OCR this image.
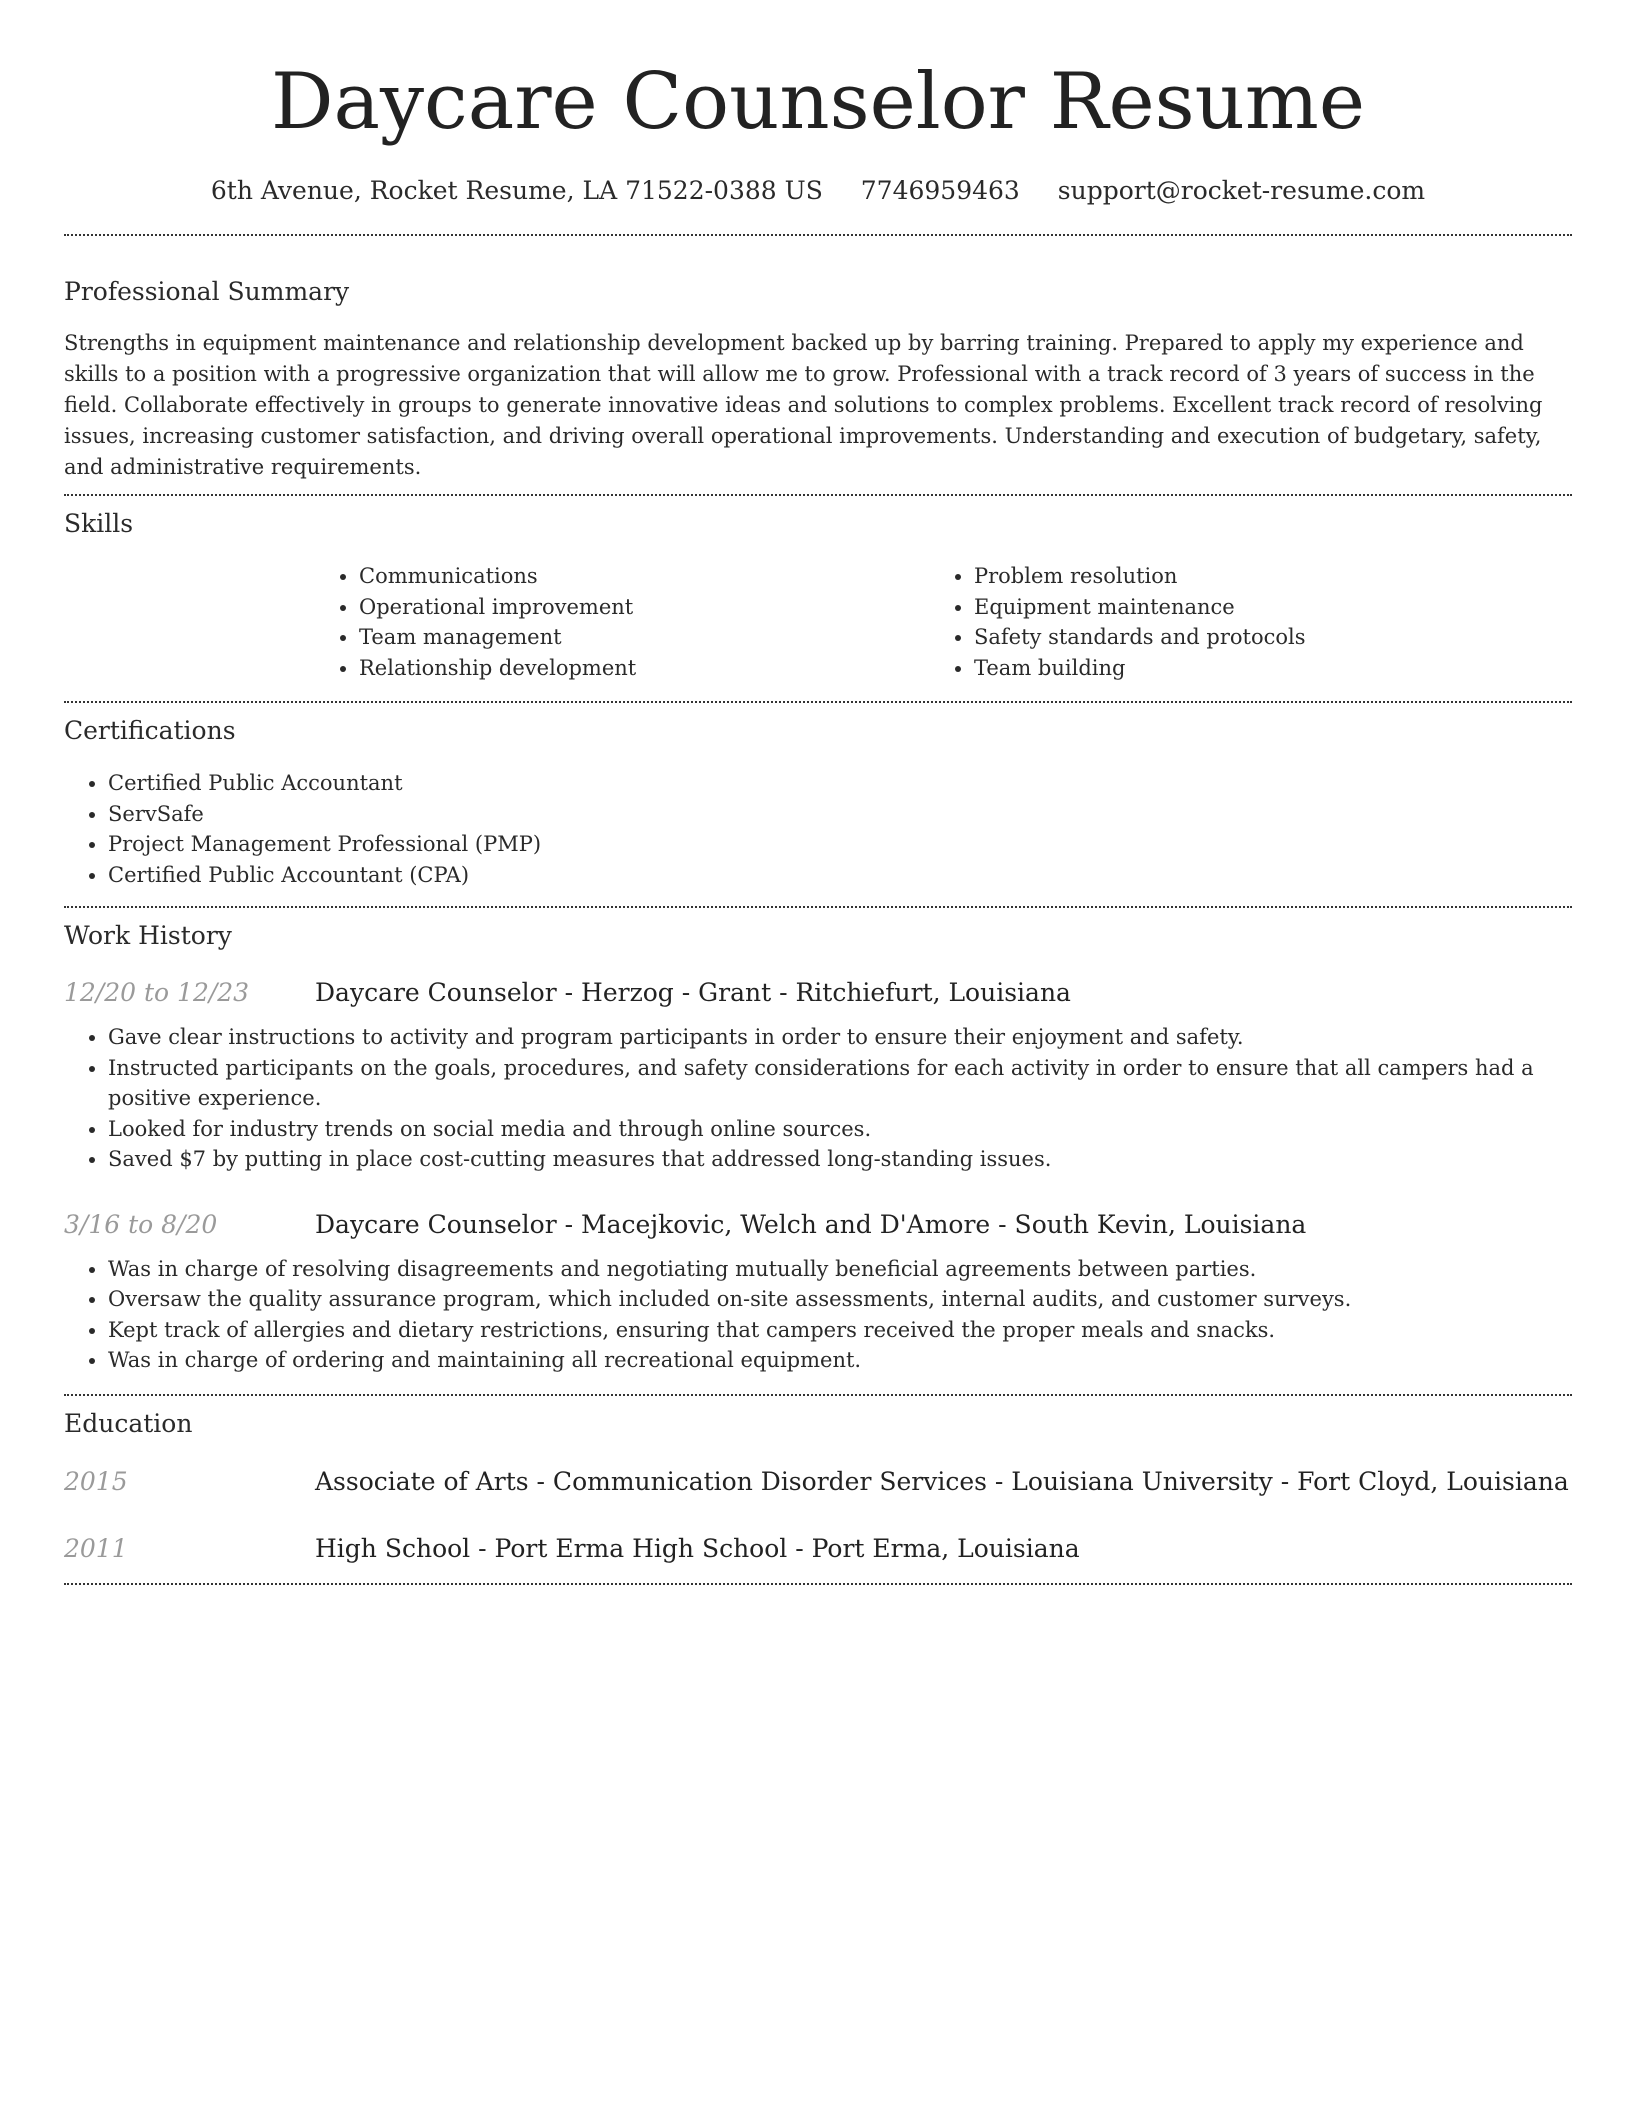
Daycare Counselor Resume
6th Avenue, Rocket Resume, LA 71522-0388 US 7746959463 support@rocket-resume.com
Professional Summary

Strengths in equipment maintenance and relationship development backed up by barring training. Prepared to apply my experience and skills to a position with a progressive organization that will allow me to grow. Professional with a track record of 3 years of success in the field. Collaborate effectively in groups to generate innovative ideas and solutions to complex problems. Excellent track record of resolving issues, increasing customer satisfaction, and driving overall operational improvements. Understanding and execution of budgetary, safety, and administrative requirements.

Skills
• Communications
• Operational improvement
• Team management
• Relationship development
• Problem resolution
• Equipment maintenance
• Safety standards and protocols
• Team building
Certifications
• Certified Public Accountant
• ServSafe
• Project Management Professional (PMP)
• Certified Public Accountant (CPA)
Work History
12/20 to 12/23	Daycare Counselor - Herzog - Grant - Ritchiefurt, Louisiana
• Gave clear instructions to activity and program participants in order to ensure their enjoyment and safety.
• Instructed participants on the goals, procedures, and safety considerations for each activity in order to ensure that all campers had a positive experience.
• Looked for industry trends on social media and through online sources.
• Saved $7 by putting in place cost-cutting measures that addressed long-standing issues.
3/16 to 8/20	Daycare Counselor - Macejkovic, Welch and D'Amore - South Kevin, Louisiana
• Was in charge of resolving disagreements and negotiating mutually beneficial agreements between parties.
• Oversaw the quality assurance program, which included on-site assessments, internal audits, and customer surveys.
• Kept track of allergies and dietary restrictions, ensuring that campers received the proper meals and snacks.
• Was in charge of ordering and maintaining all recreational equipment.
Education
2015	Associate of Arts - Communication Disorder Services - Louisiana University - Fort Cloyd, Louisiana
2011	High School - Port Erma High School - Port Erma, Louisiana
